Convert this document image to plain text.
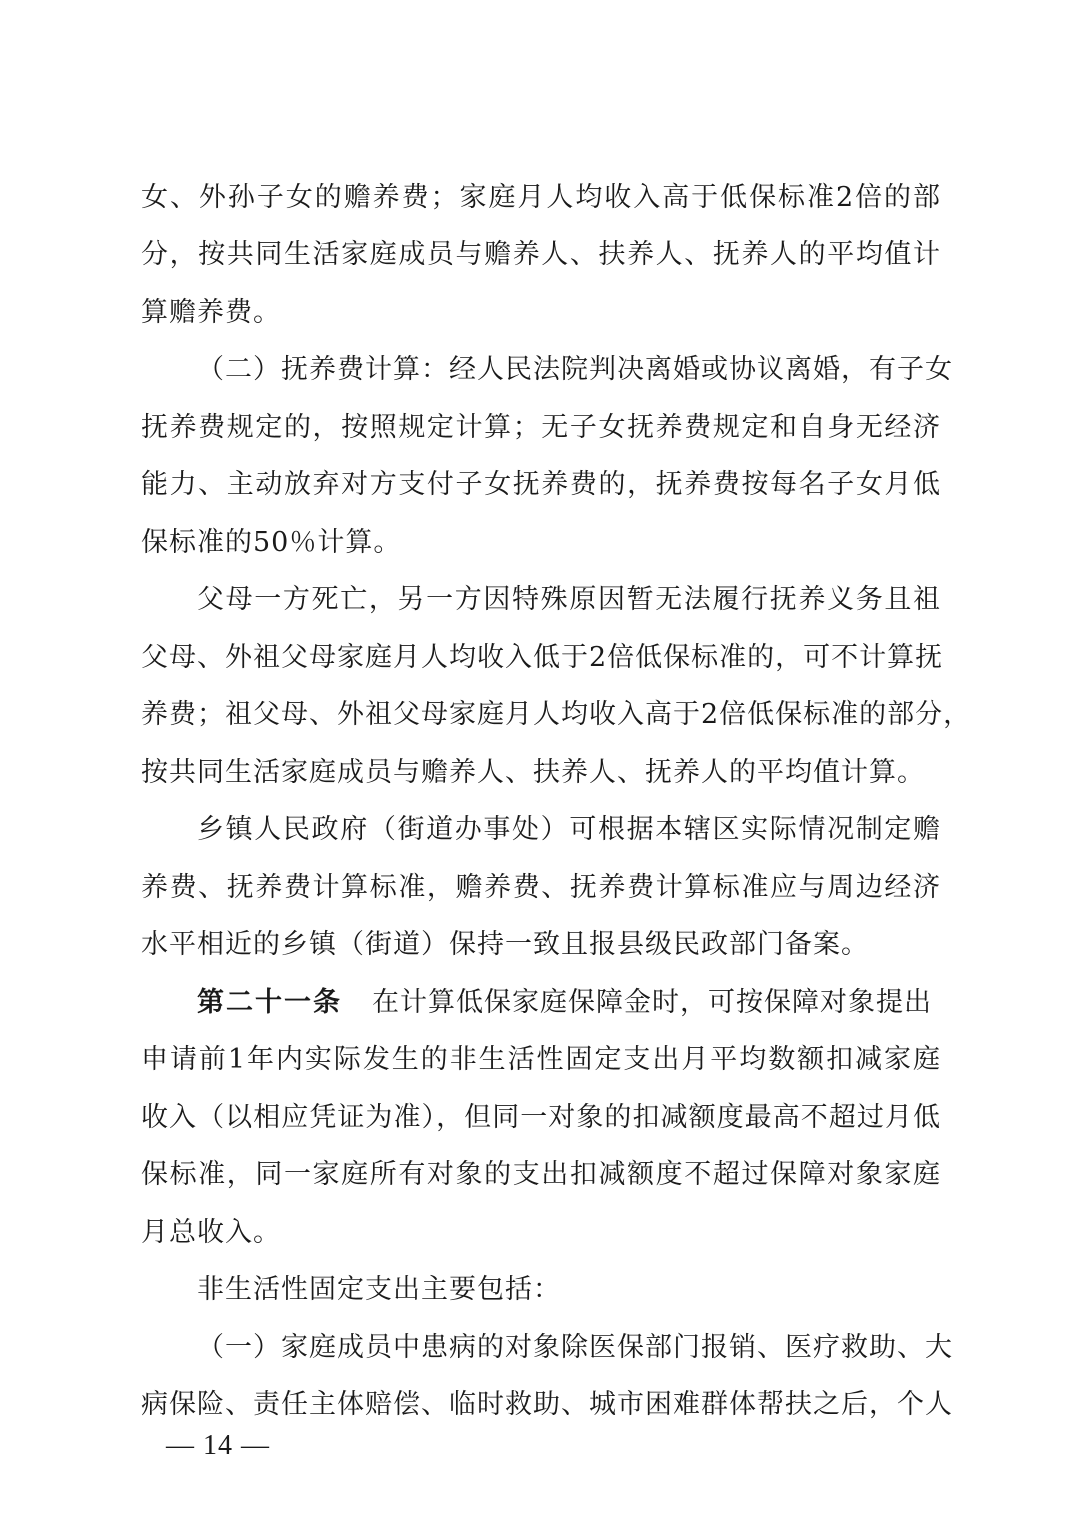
女、外孙子女的赡养费；家庭月人均收入高于低保标准2倍的部
分，按共同生活家庭成员与赡养人、扶养人、抚养人的平均值计
算赡养费。
（二）抚养费计算：经人民法院判决离婚或协议离婚，有子女
抚养费规定的，按照规定计算；无子女抚养费规定和自身无经济
能力、主动放弃对方支付子女抚养费的，抚养费按每名子女月低
保标准的50％计算。
父母一方死亡，另一方因特殊原因暂无法履行抚养义务且祖
父母、外祖父母家庭月人均收入低于2倍低保标准的，可不计算抚
养费；祖父母、外祖父母家庭月人均收入高于2倍低保标准的部分，
按共同生活家庭成员与赡养人、扶养人、抚养人的平均值计算。
乡镇人民政府（街道办事处）可根据本辖区实际情况制定赡
养费、抚养费计算标准，赡养费、抚养费计算标准应与周边经济
水平相近的乡镇（街道）保持一致且报县级民政部门备案。
第二十一条 在计算低保家庭保障金时，可按保障对象提出
申请前1年内实际发生的非生活性固定支出月平均数额扣减家庭
收入（以相应凭证为准），但同一对象的扣减额度最高不超过月低
保标准，同一家庭所有对象的支出扣减额度不超过保障对象家庭
月总收入。
非生活性固定支出主要包括：
（一）家庭成员中患病的对象除医保部门报销、医疗救助、大
病保险、责任主体赔偿、临时救助、城市困难群体帮扶之后，个人
— 14 —
